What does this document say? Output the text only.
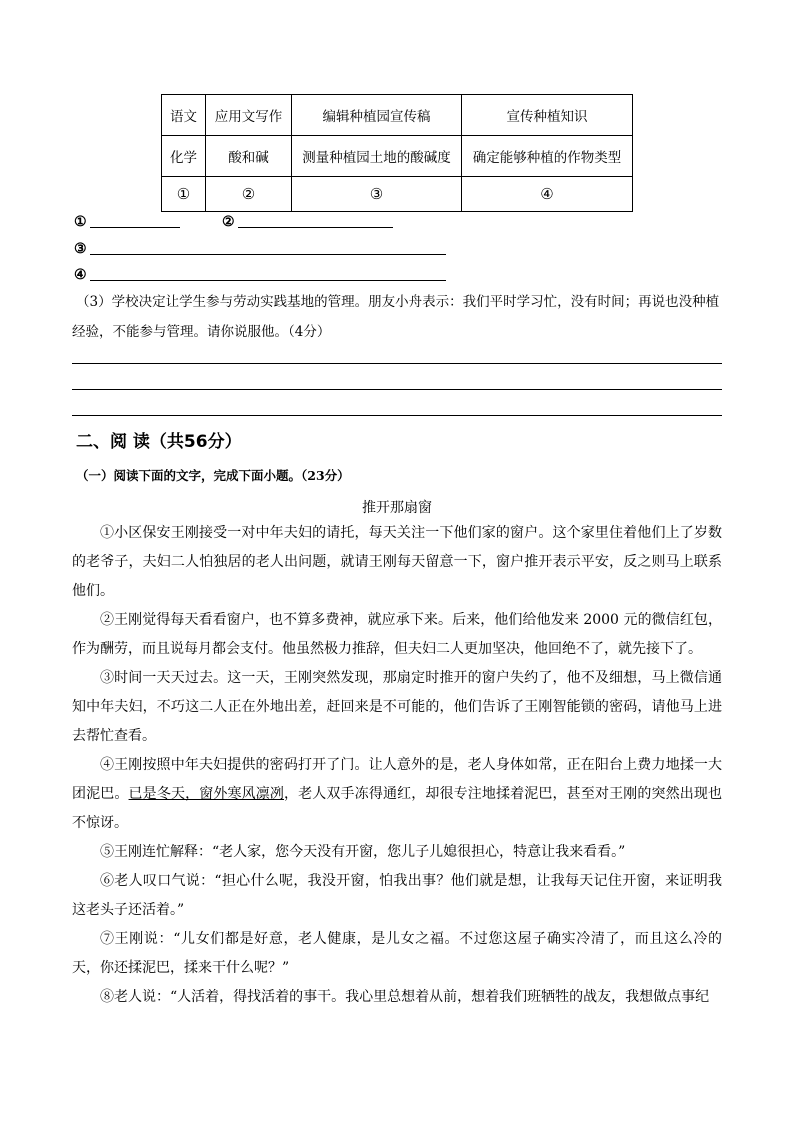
语文	应用文写作	编辑种植园宣传稿	宣传种植知识
化学	酸和碱	测量种植园土地的酸碱度	确定能够种植的作物类型
①	②	③	④
①	②
③
④

（3）学校决定让学生参与劳动实践基地的管理。朋友小舟表示：我们平时学习忙，没有时间；再说也没种植经验，不能参与管理。请你说服他。（4分）

二、阅 读（共56分）
（一）阅读下面的文字，完成下面小题。（23分）
推开那扇窗

①小区保安王刚接受一对中年夫妇的请托，每天关注一下他们家的窗户。这个家里住着他们上了岁数的老爷子，夫妇二人怕独居的老人出问题，就请王刚每天留意一下，窗户推开表示平安，反之则马上联系他们。

②王刚觉得每天看看窗户，也不算多费神，就应承下来。后来，他们给他发来 2000 元的微信红包，作为酬劳，而且说每月都会支付。他虽然极力推辞，但夫妇二人更加坚决，他回绝不了，就先接下了。

③时间一天天过去。这一天，王刚突然发现，那扇定时推开的窗户失约了，他不及细想，马上微信通知中年夫妇，不巧这二人正在外地出差，赶回来是不可能的，他们告诉了王刚智能锁的密码，请他马上进去帮忙查看。

④王刚按照中年夫妇提供的密码打开了门。让人意外的是，老人身体如常，正在阳台上费力地揉一大团泥巴。已是冬天，窗外寒风凛冽，老人双手冻得通红，却很专注地揉着泥巴，甚至对王刚的突然出现也不惊讶。

⑤王刚连忙解释：“老人家，您今天没有开窗，您儿子儿媳很担心，特意让我来看看。”

⑥老人叹口气说：“担心什么呢，我没开窗，怕我出事？他们就是想，让我每天记住开窗，来证明我这老头子还活着。”

⑦王刚说：“儿女们都是好意，老人健康，是儿女之福。不过您这屋子确实冷清了，而且这么冷的天，你还揉泥巴，揉来干什么呢？”

⑧老人说：“人活着，得找活着的事干。我心里总想着从前，想着我们班牺牲的战友，我想做点事纪
